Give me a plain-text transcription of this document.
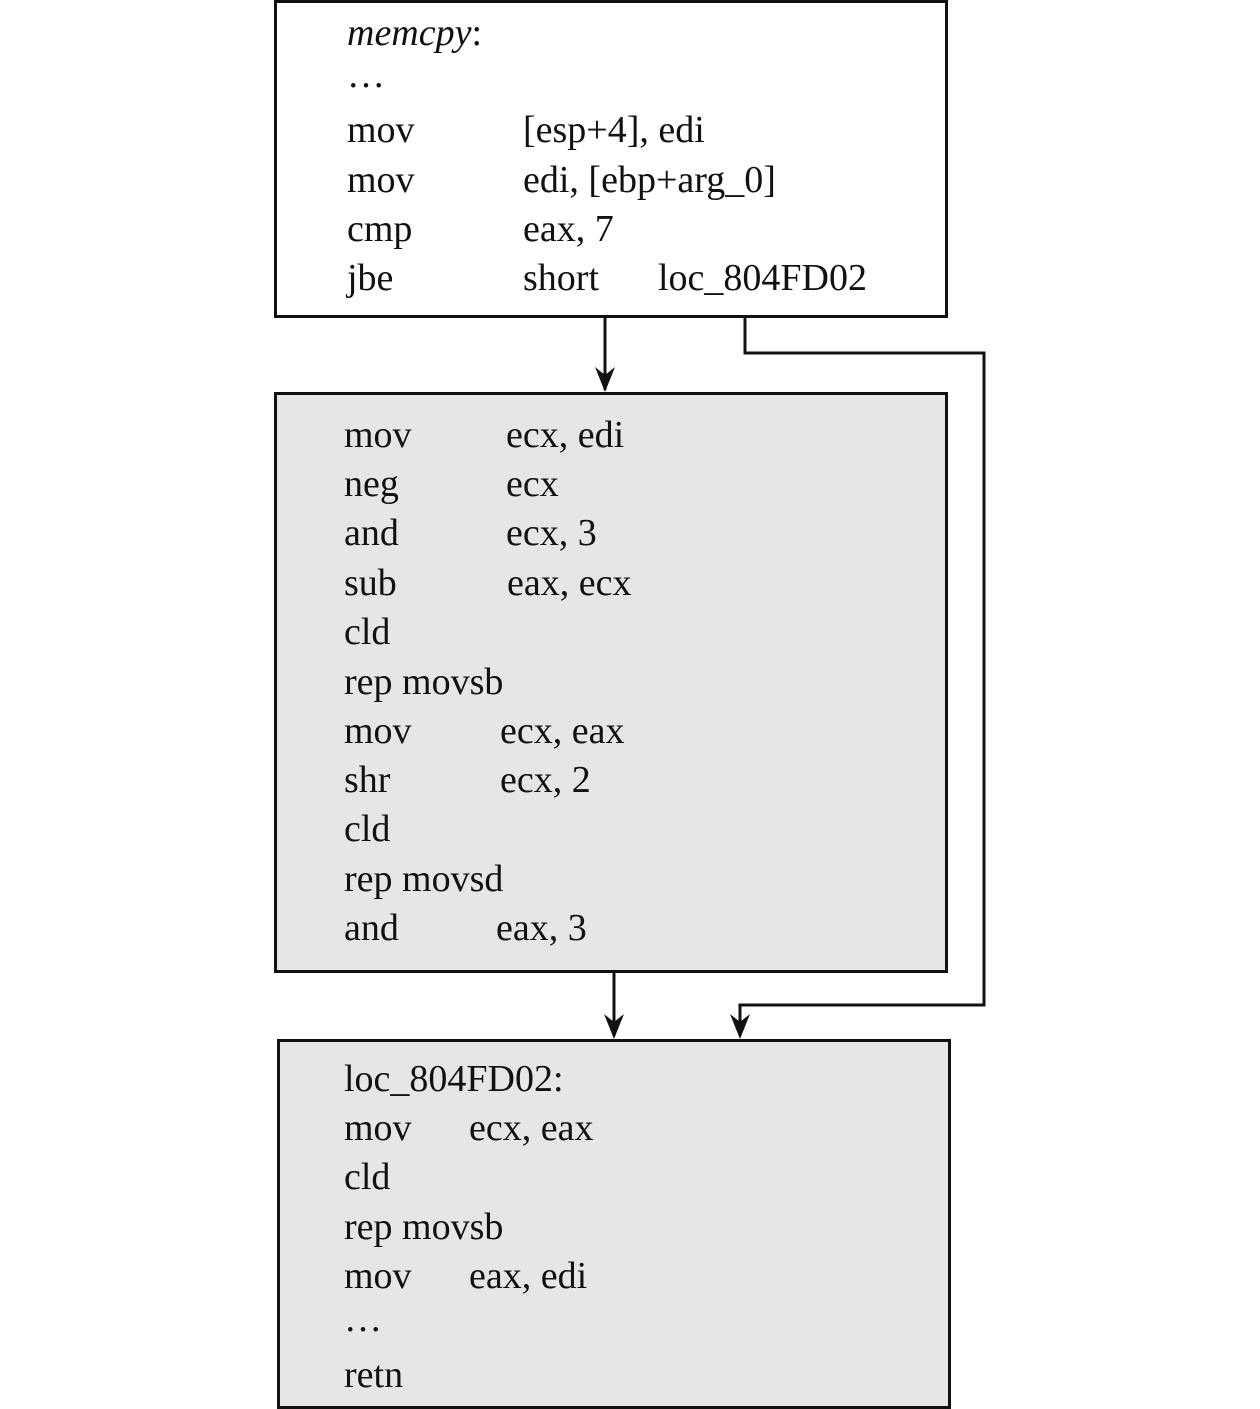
memcpy:
…
mov	[esp+4], edi
mov	edi, [ebp+arg_0]
cmp	eax, 7
jbe	short loc_804FD02
mov ecx, edi
neg	ecx
and	ecx, 3
sub	eax, ecx
cld
rep movsb
mov ecx, eax
shr	ecx, 2
cld
rep movsd
and	eax, 3
loc_804FD02:
mov ecx, eax
cld
rep movsb
mov eax, edi
…
retn
